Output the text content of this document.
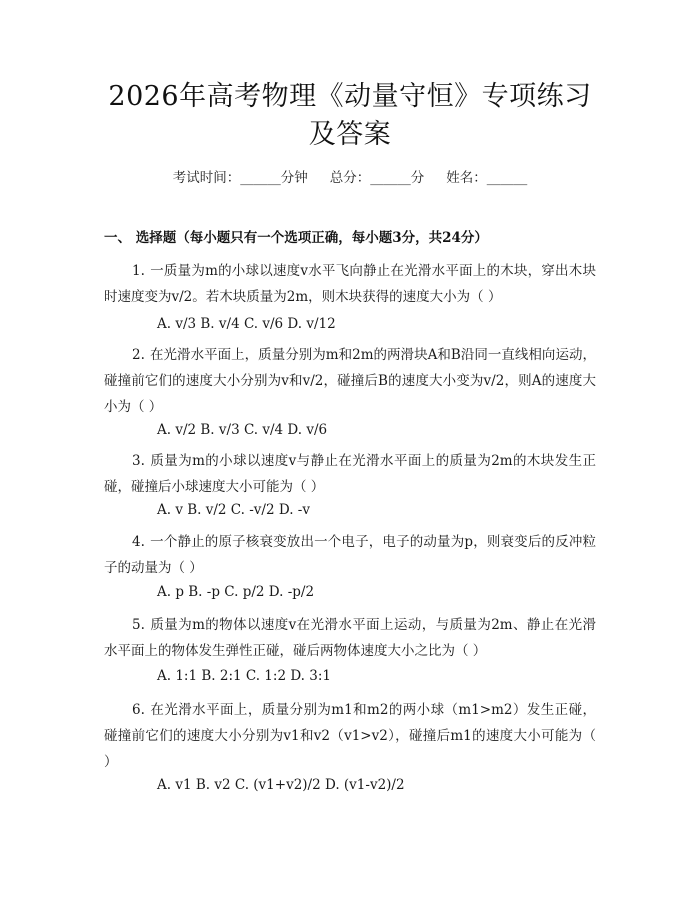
2026年高考物理《动量守恒》专项练习及答案
考试时间：______分钟 总分：______分 姓名：______
一、 选择题（每小题只有一个选项正确，每小题3分，共24分）
1. 一质量为m的小球以速度v水平飞向静止在光滑水平面上的木块，穿出木块时速度变为v/2。若木块质量为2m，则木块获得的速度大小为（ ）
A. v/3 B. v/4 C. v/6 D. v/12
2. 在光滑水平面上，质量分别为m和2m的两滑块A和B沿同一直线相向运动，碰撞前它们的速度大小分别为v和v/2，碰撞后B的速度大小变为v/2，则A的速度大小为（ ）
A. v/2 B. v/3 C. v/4 D. v/6
3. 质量为m的小球以速度v与静止在光滑水平面上的质量为2m的木块发生正碰，碰撞后小球速度大小可能为（ ）
A. v B. v/2 C. -v/2 D. -v
4. 一个静止的原子核衰变放出一个电子，电子的动量为p，则衰变后的反冲粒子的动量为（ ）
A. p B. -p C. p/2 D. -p/2
5. 质量为m的物体以速度v在光滑水平面上运动，与质量为2m、静止在光滑水平面上的物体发生弹性正碰，碰后两物体速度大小之比为（ ）
A. 1:1 B. 2:1 C. 1:2 D. 3:1
6. 在光滑水平面上，质量分别为m1和m2的两小球（m1>m2）发生正碰，碰撞前它们的速度大小分别为v1和v2（v1>v2），碰撞后m1的速度大小可能为（ ）
A. v1 B. v2 C. (v1+v2)/2 D. (v1-v2)/2
